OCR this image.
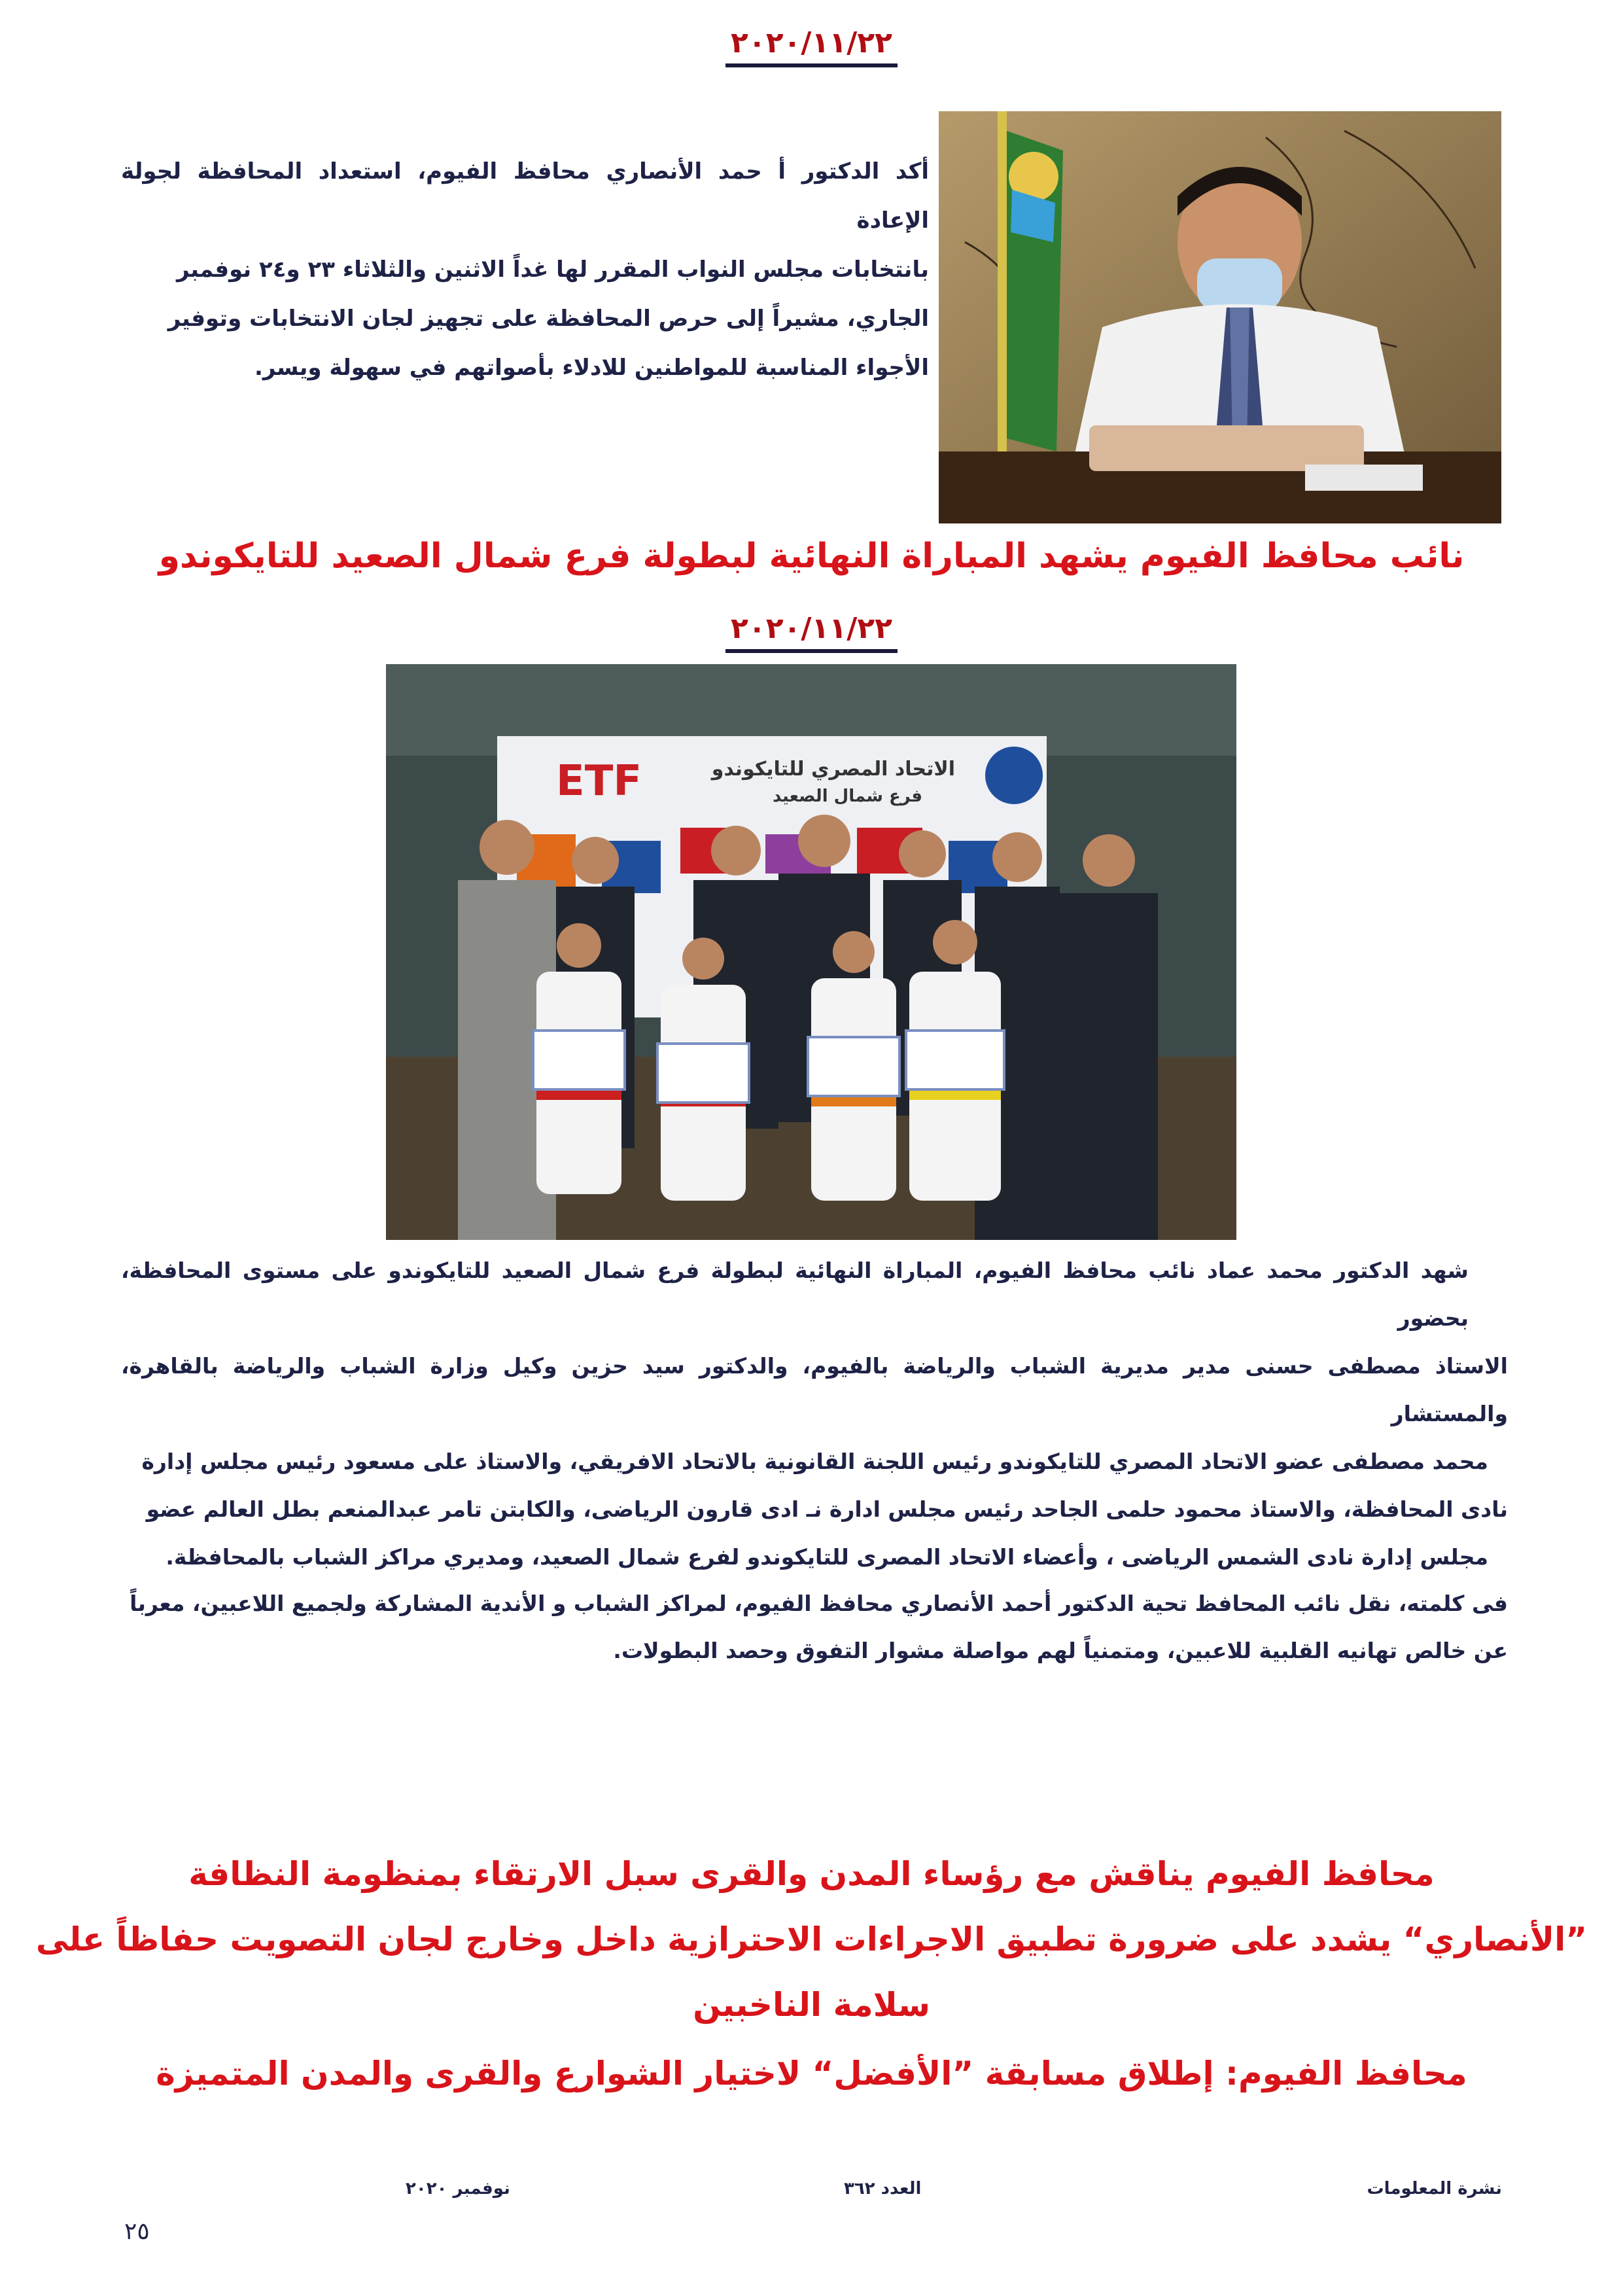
٢٠٢٠/١١/٢٢

أكد الدكتور أ حمد الأنصاري محافظ الفيوم، استعداد المحافظة لجولة الإعادة

بانتخابات مجلس النواب المقرر لها غداً الاثنين والثلاثاء ٢٣ و٢٤ نوفمبر

الجاري، مشيراً إلى حرص المحافظة على تجهيز لجان الانتخابات وتوفير

الأجواء المناسبة للمواطنين للادلاء بأصواتهم في سهولة ويسر.

نائب محافظ الفيوم يشهد المباراة النهائية لبطولة فرع شمال الصعيد للتايكوندو
٢٠٢٠/١١/٢٢
ETF	الاتحاد المصري للتايكوندو
فرع شمال الصعيد

شهد الدكتور محمد عماد نائب محافظ الفيوم، المباراة النهائية لبطولة فرع شمال الصعيد للتايكوندو على مستوى المحافظة، بحضور

الاستاذ مصطفى حسنى مدير مديرية الشباب والرياضة بالفيوم، والدكتور سيد حزين وكيل وزارة الشباب والرياضة بالقاهرة، والمستشار

محمد مصطفى عضو الاتحاد المصري للتايكوندو رئيس اللجنة القانونية بالاتحاد الافريقي، والاستاذ على مسعود رئيس مجلس إدارة

نادى المحافظة، والاستاذ محمود حلمى الجاحد رئيس مجلس ادارة نـ ادى قارون الرياضى، والكابتن تامر عبدالمنعم بطل العالم عضو

مجلس إدارة نادى الشمس الرياضى ، وأعضاء الاتحاد المصرى للتايكوندو لفرع شمال الصعيد، ومديري مراكز الشباب بالمحافظة.

فى كلمته، نقل نائب المحافظ تحية الدكتور أحمد الأنصاري محافظ الفيوم، لمراكز الشباب و الأندية المشاركة ولجميع اللاعبين، معرباً

عن خالص تهانيه القلبية للاعبين، ومتمنياً لهم مواصلة مشوار التفوق وحصد البطولات.

محافظ الفيوم يناقش مع رؤساء المدن والقرى سبل الارتقاء بمنظومة النظافة
”الأنصاري“ يشدد على ضرورة تطبيق الاجراءات الاحترازية داخل وخارج لجان التصويت حفاظاً على
سلامة الناخبين
محافظ الفيوم: إطلاق مسابقة ”الأفضل“ لاختيار الشوارع والقرى والمدن المتميزة
نشرة المعلومات
العدد ٣٦٢
نوفمبر ٢٠٢٠
٢٥
